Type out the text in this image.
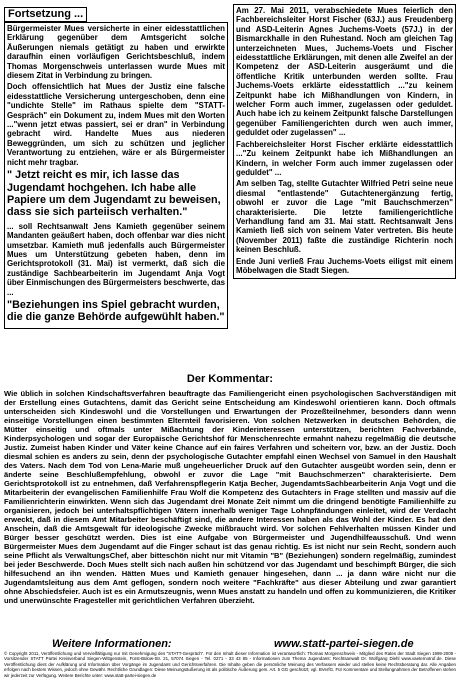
Fortsetzung ...

Bürgermeister Mues versicherte in einer eidesstattlichen Erklärung gegenüber dem Amtsgericht solche Äußerungen niemals getätigt zu haben und erwirkte daraufhin einen vorläufigen Gerichtsbeschluß, indem Thomas Morgenschweis unterlassen wurde Mues mit diesem Zitat in Verbindung zu bringen.

Doch offensichtlich hat Mues der Justiz eine falsche eidesstattliche Versicherung untergeschoben, denn eine "undichte Stelle" im Rathaus spielte dem "STATT-Gespräch" ein Dokument zu, indem Mues mit den Worten ..."wenn jetzt etwas passiert, sei er dran" in Verbindung gebracht wird. Handelte Mues aus niederen Beweggründen, um sich zu schützen und jeglicher Verantwortung zu entziehen, wäre er als Bürgermeister nicht mehr tragbar.

" Jetzt reicht es mir, ich lasse das Jugendamt hochgehen. Ich habe alle Papiere um dem Jugendamt zu beweisen, dass sie sich parteiisch verhalten."

... soll Rechtsanwalt Jens Kamieth gegenüber seinem Mandanten geäußert haben, doch offenbar war dies nicht umsetzbar. Kamieth muß jedenfalls auch Bürgermeister Mues um Unterstützung gebeten haben, denn im Gerichtsprotokoll (31. Mai) ist vermerkt, daß sich die zuständige Sachbearbeiterin im Jugendamt Anja Vogt über Einmischungen des Bürgermeisters beschwerte, das ...

"Beziehungen ins Spiel gebracht wurden, die die ganze Behörde aufgewühlt haben."

Am 27. Mai 2011, verabschiedete Mues feierlich den Fachbereichsleiter Horst Fischer (63J.) aus Freudenberg und ASD-Leiterin Agnes Juchems-Voets (57J.) in der Bismarckhalle in den Ruhestand. Noch am gleichen Tag unterzeichneten Mues, Juchems-Voets und Fischer eidesstattliche Erklärungen, mit denen alle Zweifel an der Kompetenz der ASD-Leiterin ausgeräumt und die öffentliche Kritik unterbunden werden sollte. Frau Juchems-Voets erklärte eidesstattlich ..."zu keinem Zeitpunkt habe ich Mißhandlungen von Kindern, in welcher Form auch immer, zugelassen oder geduldet. Auch habe ich zu keinem Zeitpunkt falsche Darstellungen gegenüber Familiengerichten durch wen auch immer, geduldet oder zugelassen" ...

Fachbereichsleiter Horst Fischer erklärte eidesstattlich ..."Zu keinem Zeitpunkt habe ich Mißhandlungen an Kindern, in welcher Form auch immer zugelassen oder geduldet" ...

Am selben Tag, stellte Gutachter Wilfried Petri seine neue diesmal "entlastende" Gutachtenergänzung fertig, obwohl er zuvor die Lage "mit Bauchschmerzen" charakterisierte. Die letzte familiengerichtliche Verhandlung fand am 31. Mai statt. Rechtsanwalt Jens Kamieth ließ sich von seinem Vater vertreten. Bis heute (November 2011) faßte die zuständige Richterin noch keinen Beschluß.

Ende Juni verließ Frau Juchems-Voets eiligst mit einem Möbelwagen die Stadt Siegen.

Der Kommentar:

Wie üblich in solchen Kindschaftsverfahren beauftragte das Familiengericht einen psychologischen Sachverständigen mit der Erstellung eines Gutachtens, damit das Gericht seine Entscheidung am Kindeswohl orientieren kann. Doch oftmals unterscheiden sich Kindeswohl und die Vorstellungen und Erwartungen der Prozeßteilnehmer, besonders dann wenn einseitige Vorstellungen einen bestimmten Elternteil favorisieren. Von solchen Netzwerken in deutschen Behörden, die Mütter einseitig und oftmals unter Mißachtung der Kinderinteressen unterstützen, berichten Fachverbände, Kinderpsychologen und sogar der Europäische Gerichtshof für Menschenrechte ermahnt nahezu regelmäßig die deutsche Justiz. Zumeist haben Kinder und Väter keine Chance auf ein faires Verfahren und scheitern vor, bzw. an der Justiz. Doch diesmal schien es anders zu sein, denn der psychologische Gutachter empfahl einen Wechsel von Samuel in den Haushalt des Vaters. Nach dem Tod von Lena-Marie muß ungeheuerlicher Druck auf den Gutachter ausgeübt worden sein, denn er änderte seine Beschlußempfehlung, obwohl er zuvor die Lage "mit Bauchschmerzen" charakterisierte. Dem Gerichtsprotokoll ist zu entnehmen, daß Verfahrenspflegerin Katja Becher, JugendamtsSachbearbeiterin Anja Vogt und die Mitarbeiterin der evangelischen Familienhilfe Frau Wolf die Kompetenz des Gutachters in Frage stellten und massiv auf die Familienrichterin einwirkten. Wenn sich das Jugendamt drei Monate Zeit nimmt um die dringend benötigte Familienhilfe zu organisieren, jedoch bei unterhaltspflichtigen Vätern innerhalb weniger Tage Lohnpfändungen einleitet, wird der Verdacht erweckt, daß in diesem Amt Mitarbeiter beschäftigt sind, die andere Interessen haben als das Wohl der Kinder. Es hat den Anschein, daß die Amtsgewalt für ideologische Zwecke mißbraucht wird. Vor solchen Fehlverhalten müssen Kinder und Bürger besser geschützt werden. Dies ist eine Aufgabe von Bürgermeister und Jugendhilfeausschuß. Und wenn Bürgermeister Mues dem Jugendamt auf die Finger schaut ist das genau richtig. Es ist nicht nur sein Recht, sondern auch seine Pflicht als VerwaltungsChef, aber bitteschön nicht nur mit Vitamin "B" (Beziehungen) sondern regelmäßig, zumindest bei jeder Beschwerde. Doch Mues stellt sich nach außen hin schützend vor das Jugendamt und beschimpft Bürger, die sich hilfesuchend an ihn wenden. Hätten Mues und Kamieth genauer hingesehen, dann ... ja dann wäre nicht nur die Jugendamtsleitung aus dem Amt geflogen, sondern noch weitere "Fachkräfte" aus dieser Abteilung und zwar garantiert ohne Abschiedsfeier. Auch ist es ein Armutszeugnis, wenn Mues anstatt zu handeln und offen zu kommunizieren, die Kritiker und unerwünschte Fragesteller mit gerichtlichen Verfahren überzieht.

Weitere Informationen:	www.statt-partei-siegen.de
© Copyright 2011, Veröffentlichung und Vervielfältigung nur mit Genehmigung des "STATT-Gespräch". Für den Inhalt dieser Information ist verantwortlich: Thomas Morgenschweis - Mitglied des Rates der Stadt Siegen 1999-2009 - Vorsitzender STATT Partei Kreisverband Siegen-Wittgenstein, Fürst-Bülow-Str. 21, 57074 Siegen - Tel. 0271 - 33 43 85 - Informationen zum Thema Jugendamt: Rechtsanwalt Dr. Wolfgang Diehl www.vaeternotruf.de. Diese Veröffentlichung dient der Aufklärung und Information über Vorgänge im Jugendamt und Gerichtsverfahren. Die Inhalte geben die persönliche Meinung des Verfassers wieder und stellen keine Rechtsberatung dar. Alle Angaben erfolgen nach bestem Wissen, jedoch ohne Gewähr. Rechtliche Grundlagen: Diese Meinungsäußerung ist als politische Äußerung gem. Art. 5 GG geschützt; vgl. BVerfG. Für Kommentare und Stellungnahmen der Betroffenen stehen wir jederzeit zur Verfügung. Weitere Berichte unter: www.statt-partei-siegen.de
